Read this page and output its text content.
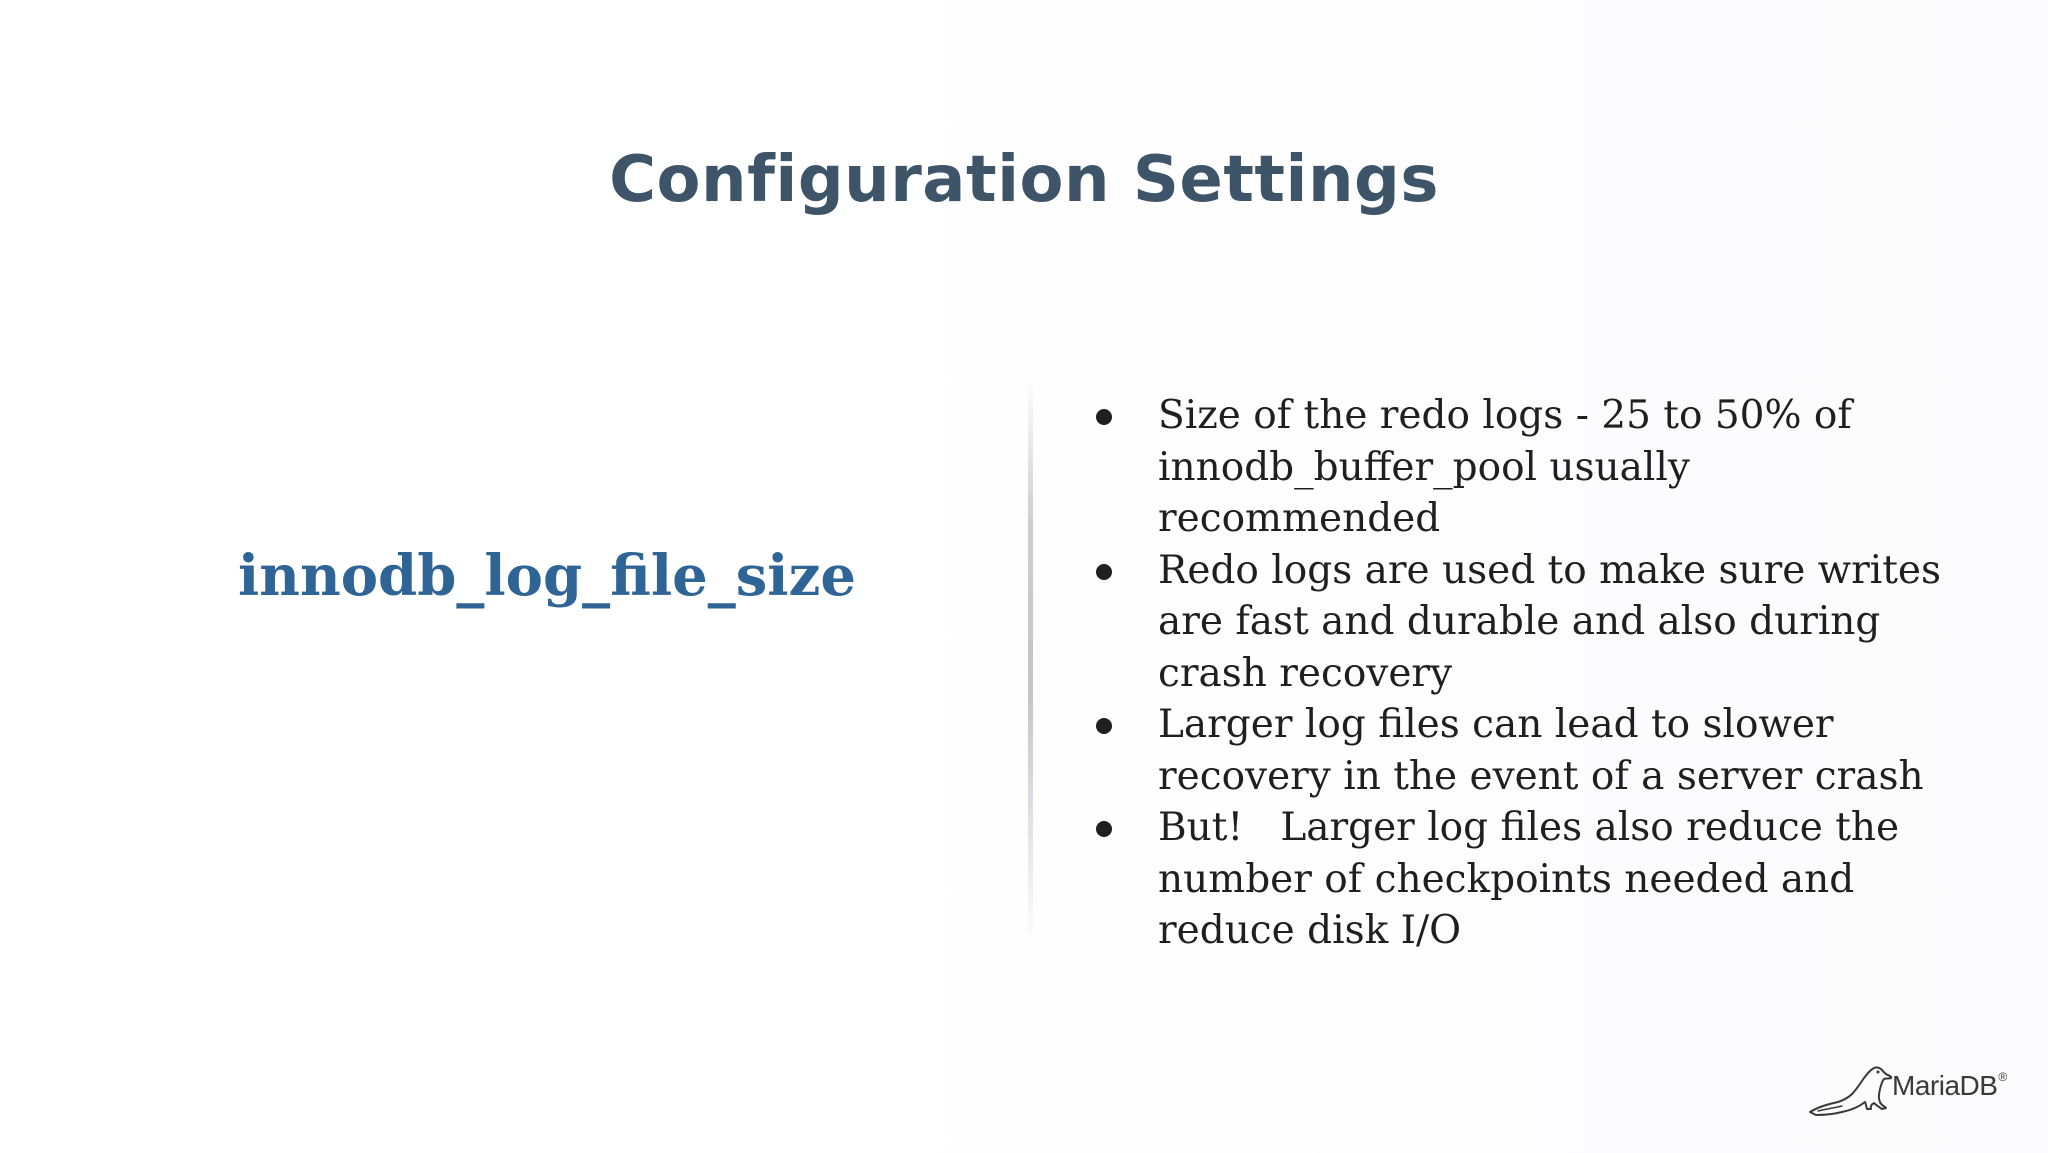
Configuration Settings
innodb_log_file_size
Size of the redo logs - 25 to 50% of innodb_buffer_pool usually recommended
Redo logs are used to make sure writes are fast and durable and also during crash recovery
Larger log files can lead to slower recovery in the event of a server crash
But!   Larger log files also reduce the number of checkpoints needed and reduce disk I/O
MariaDB®
